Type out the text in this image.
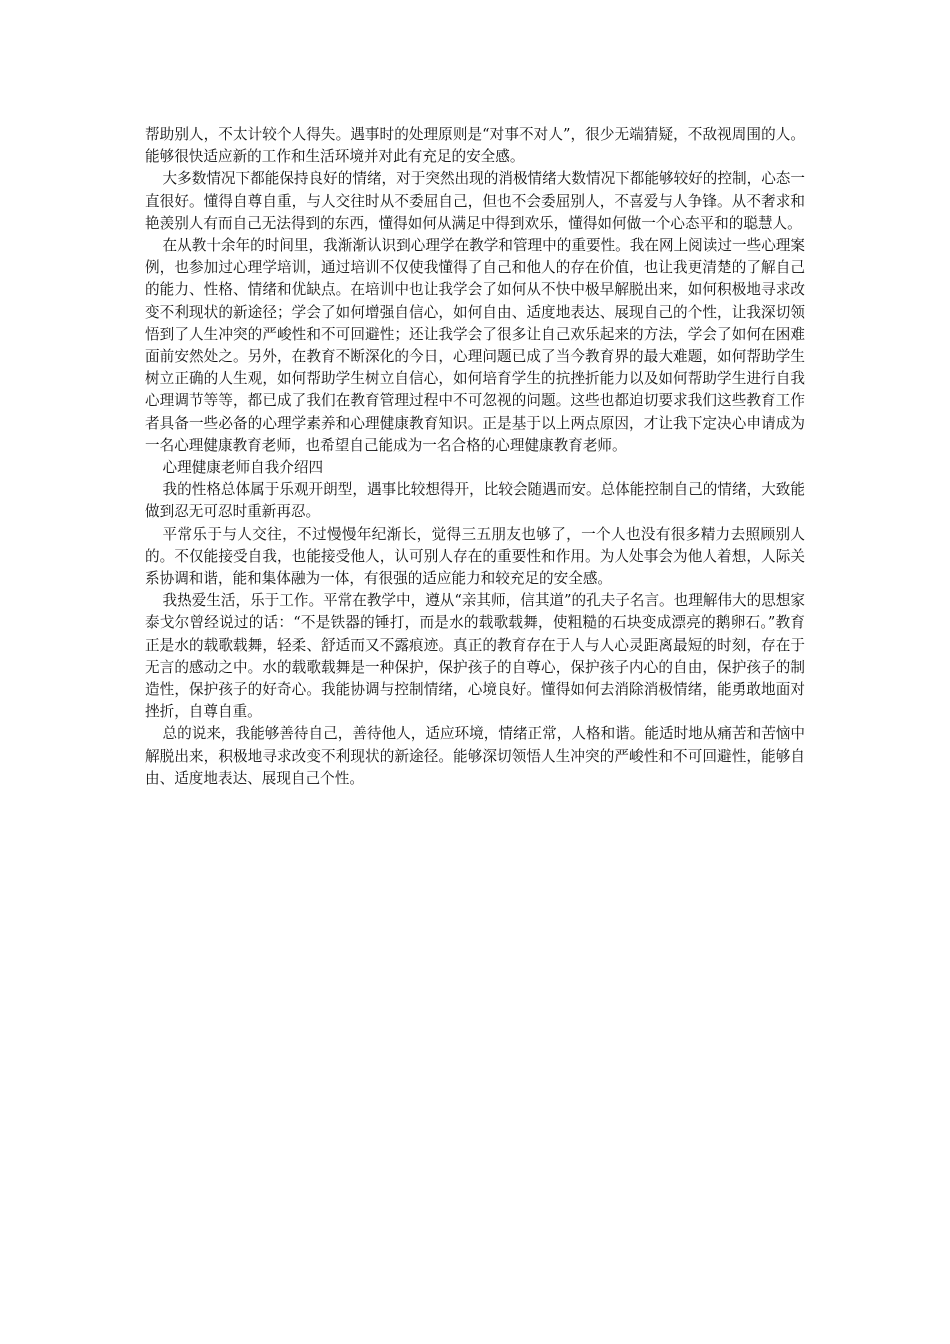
帮助别人，不太计较个人得失。遇事时的处理原则是“对事不对人”，很少无端猜疑，不敌视周围的人。能够很快适应新的工作和生活环境并对此有充足的安全感。

大多数情况下都能保持良好的情绪，对于突然出现的消极情绪大数情况下都能够较好的控制，心态一直很好。懂得自尊自重，与人交往时从不委屈自己，但也不会委屈别人，不喜爱与人争锋。从不奢求和艳羡别人有而自己无法得到的东西，懂得如何从满足中得到欢乐，懂得如何做一个心态平和的聪慧人。

在从教十余年的时间里，我渐渐认识到心理学在教学和管理中的重要性。我在网上阅读过一些心理案例，也参加过心理学培训，通过培训不仅使我懂得了自己和他人的存在价值，也让我更清楚的了解自己的能力、性格、情绪和优缺点。在培训中也让我学会了如何从不快中极早解脱出来，如何积极地寻求改变不利现状的新途径；学会了如何增强自信心，如何自由、适度地表达、展现自己的个性，让我深切领悟到了人生冲突的严峻性和不可回避性；还让我学会了很多让自己欢乐起来的方法，学会了如何在困难面前安然处之。另外，在教育不断深化的今日，心理问题已成了当今教育界的最大难题，如何帮助学生树立正确的人生观，如何帮助学生树立自信心，如何培育学生的抗挫折能力以及如何帮助学生进行自我心理调节等等，都已成了我们在教育管理过程中不可忽视的问题。这些也都迫切要求我们这些教育工作者具备一些必备的心理学素养和心理健康教育知识。正是基于以上两点原因，才让我下定决心申请成为一名心理健康教育老师，也希望自己能成为一名合格的心理健康教育老师。

心理健康老师自我介绍四

我的性格总体属于乐观开朗型，遇事比较想得开，比较会随遇而安。总体能控制自己的情绪，大致能做到忍无可忍时重新再忍。

平常乐于与人交往，不过慢慢年纪渐长，觉得三五朋友也够了，一个人也没有很多精力去照顾别人的。不仅能接受自我，也能接受他人，认可别人存在的重要性和作用。为人处事会为他人着想，人际关系协调和谐，能和集体融为一体，有很强的适应能力和较充足的安全感。

我热爱生活，乐于工作。平常在教学中，遵从“亲其师，信其道”的孔夫子名言。也理解伟大的思想家泰戈尔曾经说过的话：“不是铁器的锤打，而是水的载歌载舞，使粗糙的石块变成漂亮的鹅卵石。”教育正是水的载歌载舞，轻柔、舒适而又不露痕迹。真正的教育存在于人与人心灵距离最短的时刻，存在于无言的感动之中。水的载歌载舞是一种保护，保护孩子的自尊心，保护孩子内心的自由，保护孩子的制造性，保护孩子的好奇心。我能协调与控制情绪，心境良好。懂得如何去消除消极情绪，能勇敢地面对挫折，自尊自重。

总的说来，我能够善待自己，善待他人，适应环境，情绪正常，人格和谐。能适时地从痛苦和苦恼中解脱出来，积极地寻求改变不利现状的新途径。能够深切领悟人生冲突的严峻性和不可回避性，能够自由、适度地表达、展现自己个性。
